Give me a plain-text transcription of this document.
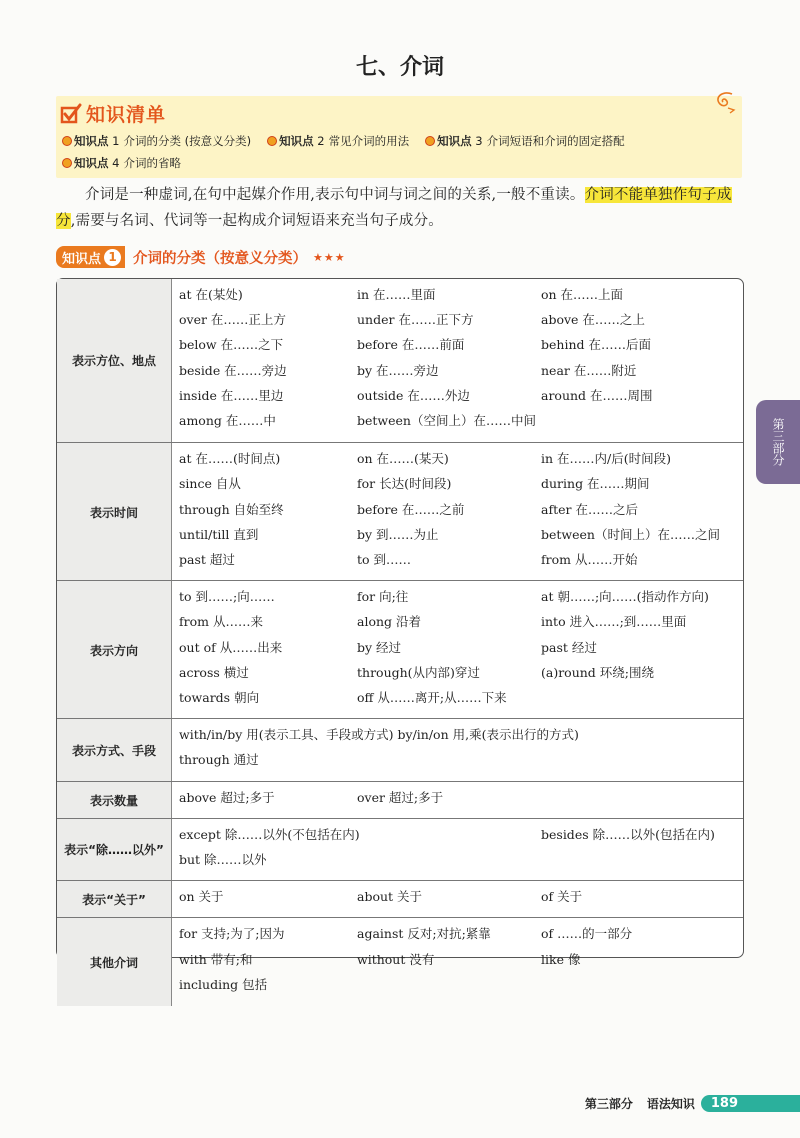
七、介词
知识清单
知识点 1 介词的分类 (按意义分类) 知识点 2 常见介词的用法 知识点 3 介词短语和介词的固定搭配
知识点 4 介词的省略
介词是一种虚词,在句中起媒介作用,表示句中词与词之间的关系,一般不重读。介词不能单独作句子成分,需要与名词、代词等一起构成介词短语来充当句子成分。
知识点 1 介词的分类（按意义分类） ★★★
表示方位、地点
at 在(某处)	in 在……里面	on 在……上面
over 在……正上方	under 在……正下方	above 在……之上
below 在……之下	before 在……前面	behind 在……后面
beside 在……旁边	by 在……旁边	near 在……附近
inside 在……里边	outside 在……外边	around 在……周围
among 在……中	between（空间上）在……中间
表示时间
at 在……(时间点)	on 在……(某天)	in 在……内/后(时间段)
since 自从	for 长达(时间段)	during 在……期间
through 自始至终	before 在……之前	after 在……之后
until/till 直到	by 到……为止	between（时间上）在……之间
past 超过	to 到……	from 从……开始
表示方向
to 到……;向……	for 向;往	at 朝……;向……(指动作方向)
from 从……来	along 沿着	into 进入……;到……里面
out of 从……出来	by 经过	past 经过
across 横过	through(从内部)穿过	(a)round 环绕;围绕
towards 朝向	off 从……离开;从……下来
表示方式、手段
with/in/by 用(表示工具、手段或方式) by/in/on 用,乘(表示出行的方式)
through 通过
表示数量	above 超过;多于	over 超过;多于
表示“除……以外”
except 除……以外(不包括在内)	besides 除……以外(包括在内)
but 除……以外
表示“关于”	on 关于	about 关于	of 关于
其他介词
for 支持;为了;因为	against 反对;对抗;紧靠	of ……的一部分
with 带有;和	without 没有	like 像
including 包括
第三部分
第三部分 语法知识	189
